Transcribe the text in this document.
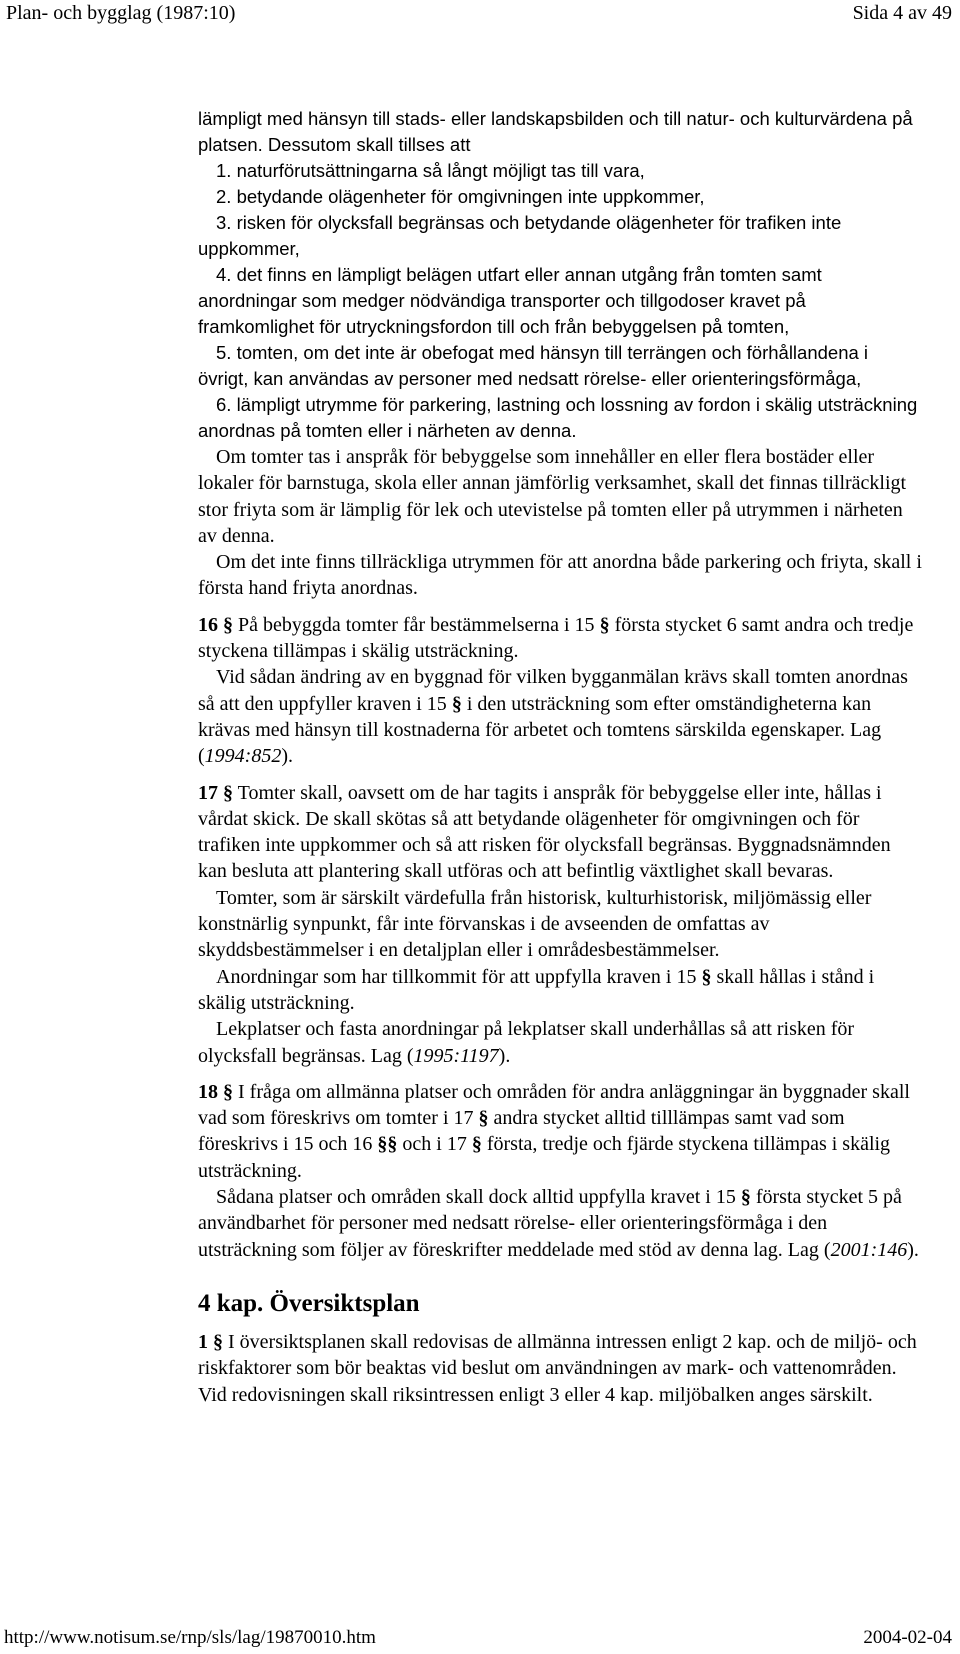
Plan- och bygglag (1987:10)	Sida 4 av 49

lämpligt med hänsyn till stads- eller landskapsbilden och till natur- och kulturvärdena på platsen. Dessutom skall tillses att

1. naturförutsättningarna så långt möjligt tas till vara,

2. betydande olägenheter för omgivningen inte uppkommer,

3. risken för olycksfall begränsas och betydande olägenheter för trafiken inte uppkommer,

4. det finns en lämpligt belägen utfart eller annan utgång från tomten samt anordningar som medger nödvändiga transporter och tillgodoser kravet på framkomlighet för utryckningsfordon till och från bebyggelsen på tomten,

5. tomten, om det inte är obefogat med hänsyn till terrängen och förhållandena i övrigt, kan användas av personer med nedsatt rörelse- eller orienteringsförmåga,

6. lämpligt utrymme för parkering, lastning och lossning av fordon i skälig utsträckning anordnas på tomten eller i närheten av denna.

Om tomter tas i anspråk för bebyggelse som innehåller en eller flera bostäder eller lokaler för barnstuga, skola eller annan jämförlig verksamhet, skall det finnas tillräckligt stor friyta som är lämplig för lek och utevistelse på tomten eller på utrymmen i närheten av denna.

Om det inte finns tillräckliga utrymmen för att anordna både parkering och friyta, skall i första hand friyta anordnas.

16 § På bebyggda tomter får bestämmelserna i 15 § första stycket 6 samt andra och tredje styckena tillämpas i skälig utsträckning.

Vid sådan ändring av en byggnad för vilken bygganmälan krävs skall tomten anordnas så att den uppfyller kraven i 15 § i den utsträckning som efter omständigheterna kan krävas med hänsyn till kostnaderna för arbetet och tomtens särskilda egenskaper. Lag (1994:852).

17 § Tomter skall, oavsett om de har tagits i anspråk för bebyggelse eller inte, hållas i vårdat skick. De skall skötas så att betydande olägenheter för omgivningen och för trafiken inte uppkommer och så att risken för olycksfall begränsas. Byggnadsnämnden kan besluta att plantering skall utföras och att befintlig växtlighet skall bevaras.

Tomter, som är särskilt värdefulla från historisk, kulturhistorisk, miljömässig eller konstnärlig synpunkt, får inte förvanskas i de avseenden de omfattas av skyddsbestämmelser i en detaljplan eller i områdesbestämmelser.

Anordningar som har tillkommit för att uppfylla kraven i 15 § skall hållas i stånd i skälig utsträckning.

Lekplatser och fasta anordningar på lekplatser skall underhållas så att risken för olycksfall begränsas. Lag (1995:1197).

18 § I fråga om allmänna platser och områden för andra anläggningar än byggnader skall vad som föreskrivs om tomter i 17 § andra stycket alltid tilllämpas samt vad som föreskrivs i 15 och 16 §§ och i 17 § första, tredje och fjärde styckena tillämpas i skälig utsträckning.

Sådana platser och områden skall dock alltid uppfylla kravet i 15 § första stycket 5 på användbarhet för personer med nedsatt rörelse- eller orienteringsförmåga i den utsträckning som följer av föreskrifter meddelade med stöd av denna lag. Lag (2001:146).

4 kap. Översiktsplan

1 § I översiktsplanen skall redovisas de allmänna intressen enligt 2 kap. och de miljö- och riskfaktorer som bör beaktas vid beslut om användningen av mark- och vattenområden. Vid redovisningen skall riksintressen enligt 3 eller 4 kap. miljöbalken anges särskilt.

http://www.notisum.se/rnp/sls/lag/19870010.htm	2004-02-04
